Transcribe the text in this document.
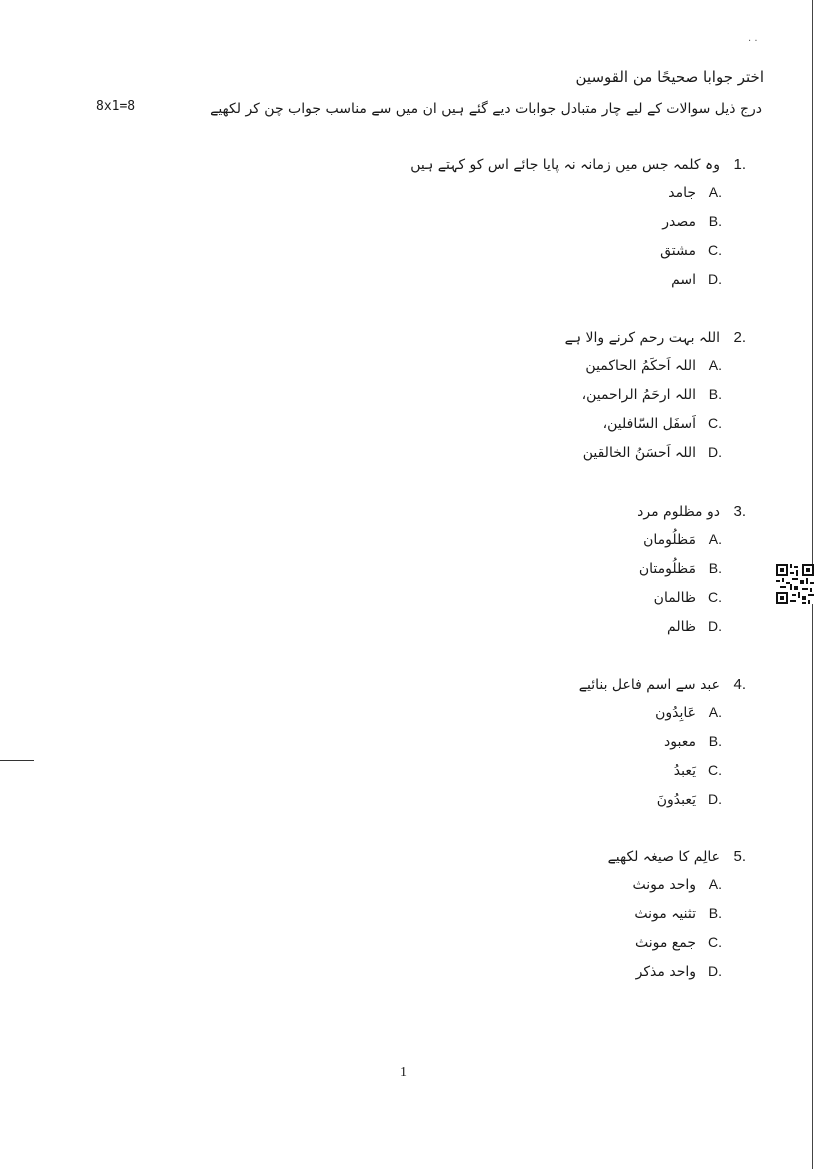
· ·
اختر جوابا صحیحًا من القوسین
درج ذیل سوالات کے لیے چار متبادل جوابات دیے گئے ہیں ان میں سے مناسب جواب چن کر لکھیے
8x1=8
1.
وہ کلمہ جس میں زمانہ نہ پایا جائے اس کو کہتے ہیں
A.
جامد
B.
مصدر
C.
مشتق
D.
اسم
2.
اللہ بہت رحم کرنے والا ہے
A.
اللہ اَحکَمُ الحاکمین
B.
اللہ ارحَمُ الراحمین،
C.
اَسفَل السّافلین،
D.
اللہ اَحسَنُ الخالقین
3.
دو مظلوم مرد
A.
مَظلُومان
B.
مَظلُومتان
C.
ظالمان
D.
ظالم
4.
عبد سے اسم فاعل بنائیے
A.
عَابِدُون
B.
معبود
C.
یَعبدُ
D.
یَعبدُونَ
5.
عالِم کا صیغہ لکھیے
A.
واحد مونث
B.
تثنیہ مونث
C.
جمع مونث
D.
واحد مذکر
1
